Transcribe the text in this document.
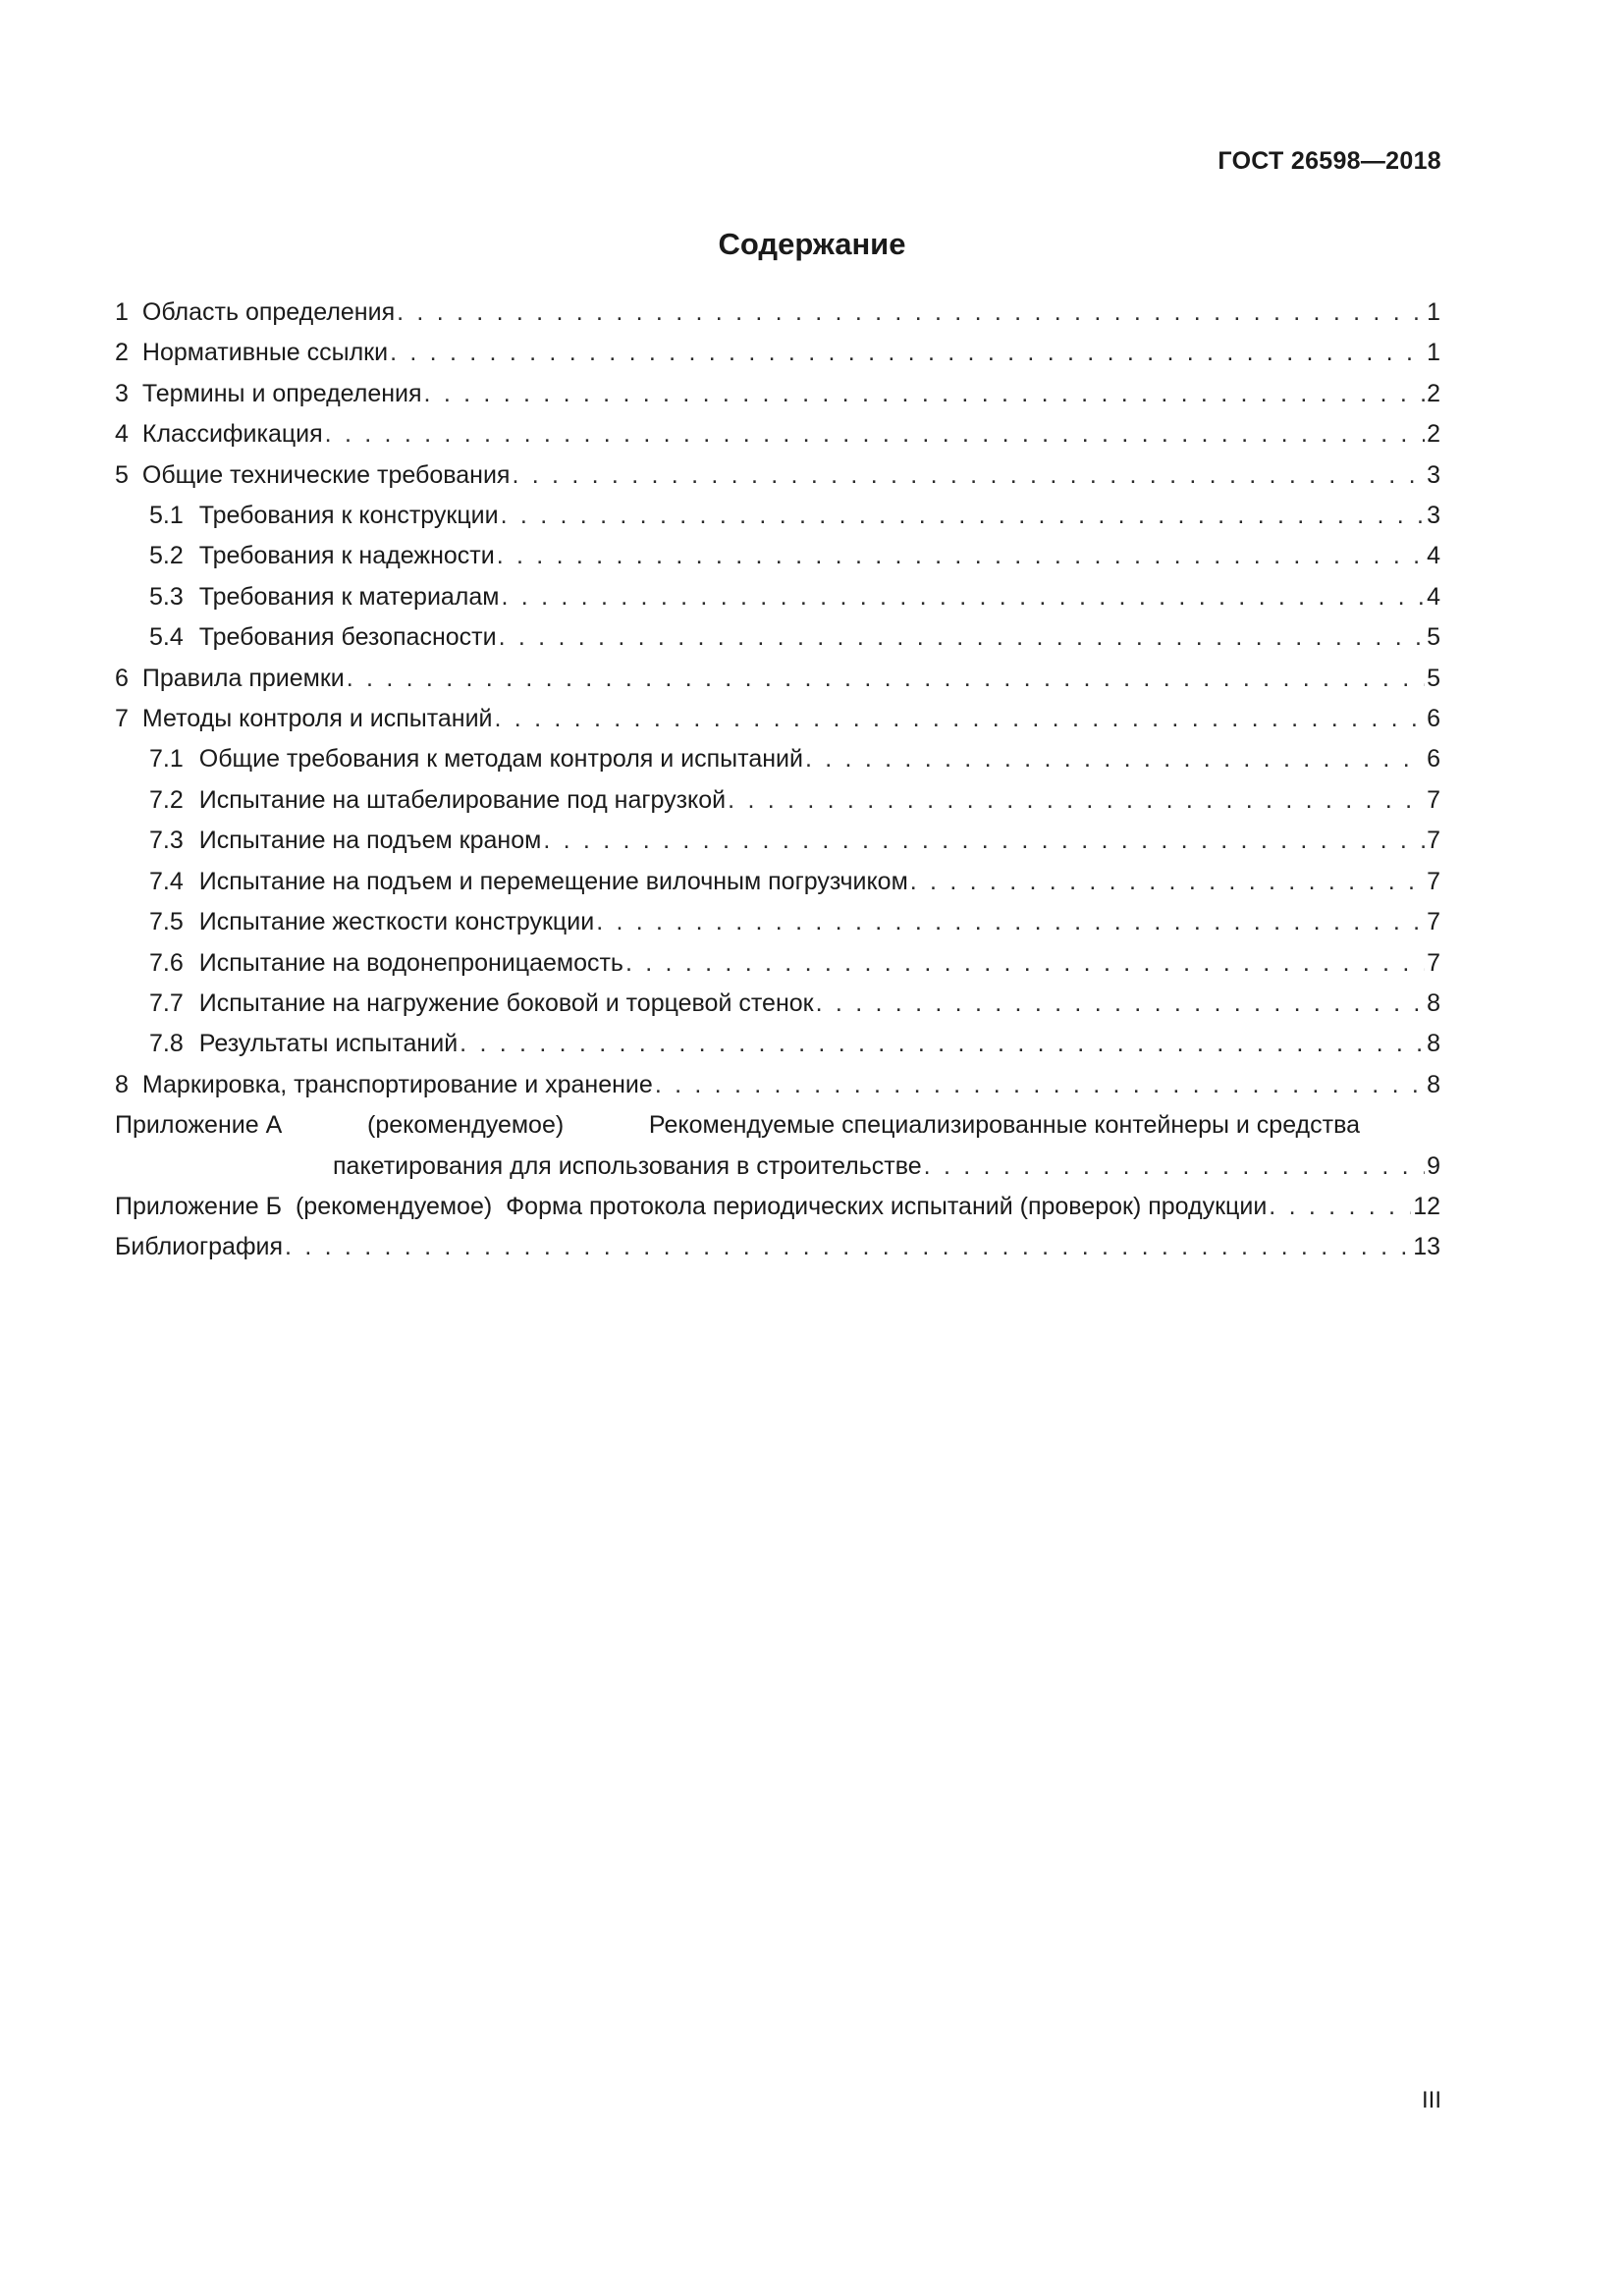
ГОСТ 26598—2018
Содержание
1 Область определения . . .	1
2 Нормативные ссылки . . .	1
3 Термины и определения . . .	2
4 Классификация . . .	2
5 Общие технические требования . . .	3
5.1 Требования к конструкции . . .	3
5.2 Требования к надежности . . .	4
5.3 Требования к материалам . . .	4
5.4 Требования безопасности . . .	5
6 Правила приемки . . .	5
7 Методы контроля и испытаний . . .	6
7.1 Общие требования к методам контроля и испытаний . . .	6
7.2 Испытание на штабелирование под нагрузкой . . .	7
7.3 Испытание на подъем краном . . .	7
7.4 Испытание на подъем и перемещение вилочным погрузчиком . . .	7
7.5 Испытание жесткости конструкции . . .	7
7.6 Испытание на водонепроницаемость . . .	7
7.7 Испытание на нагружение боковой и торцевой стенок . . .	8
7.8 Результаты испытаний . . .	8
8 Маркировка, транспортирование и хранение . . .	8
Приложение А	(рекомендуемое)	Рекомендуемые специализированные контейнеры и средства
пакетирования для использования в строительстве . . .	9
Приложение Б (рекомендуемое) Форма протокола периодических испытаний (проверок) продукции . . .	12
Библиография . . .	13
III
